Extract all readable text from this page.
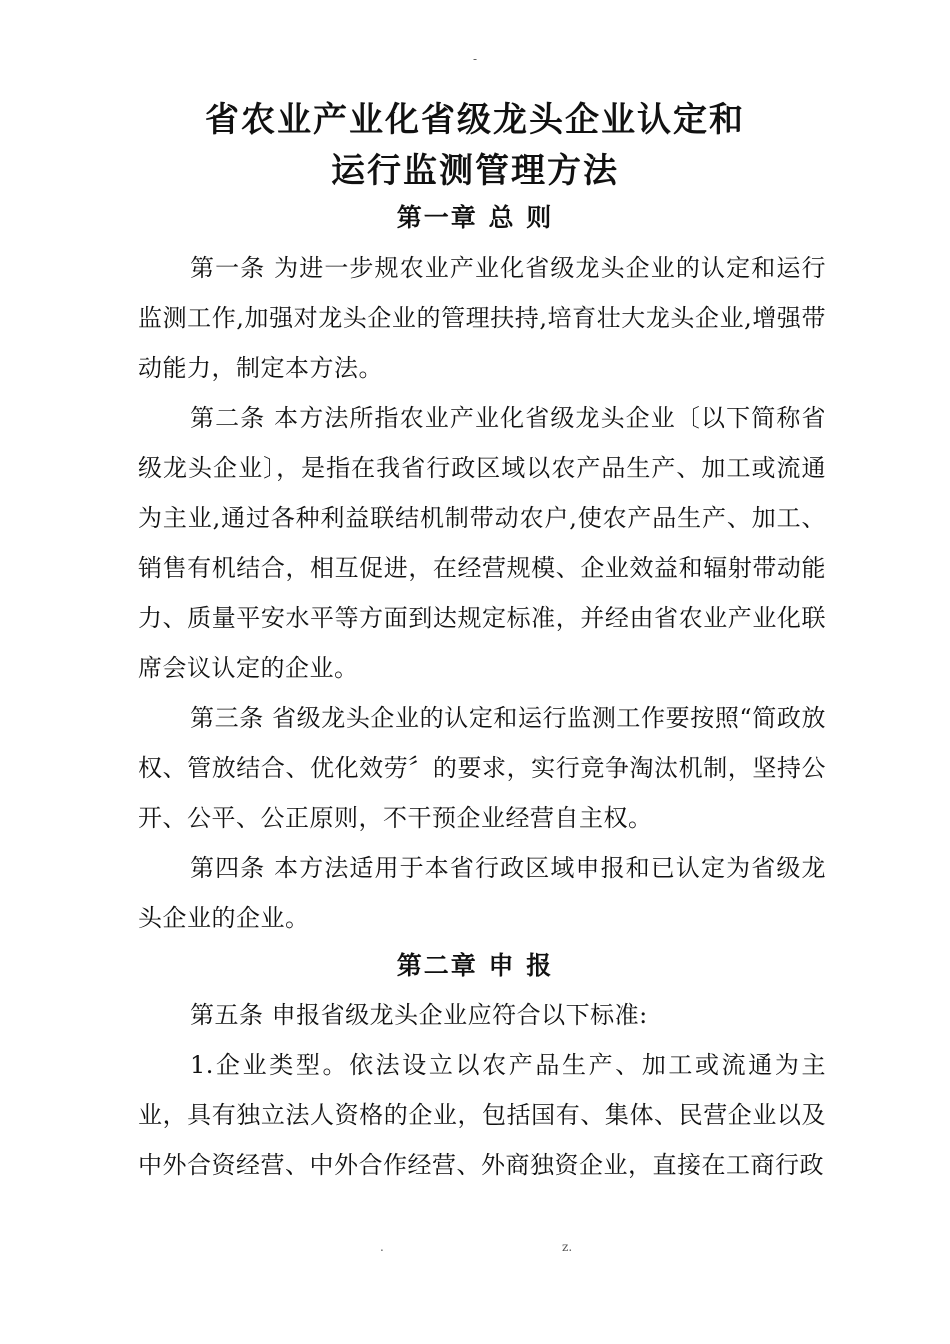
-
省农业产业化省级龙头企业认定和
运行监测管理方法
第一章 总 则

第一条 为进一步规农业产业化省级龙头企业的认定和运行监测工作,加强对龙头企业的管理扶持,培育壮大龙头企业,增强带动能力，制定本方法。

第二条 本方法所指农业产业化省级龙头企业〔以下简称省级龙头企业〕，是指在我省行政区域以农产品生产、加工或流通为主业,通过各种利益联结机制带动农户,使农产品生产、加工、销售有机结合，相互促进，在经营规模、企业效益和辐射带动能力、质量平安水平等方面到达规定标准，并经由省农业产业化联席会议认定的企业。

第三条 省级龙头企业的认定和运行监测工作要按照“简政放权、管放结合、优化效劳〞的要求，实行竞争淘汰机制，坚持公开、公平、公正原则，不干预企业经营自主权。

第四条 本方法适用于本省行政区域申报和已认定为省级龙头企业的企业。

第二章 申 报

第五条 申报省级龙头企业应符合以下标准:

1.企业类型。依法设立以农产品生产、加工或流通为主业，具有独立法人资格的企业，包括国有、集体、民营企业以及中外合资经营、中外合作经营、外商独资企业，直接在工商行政

.	z.
